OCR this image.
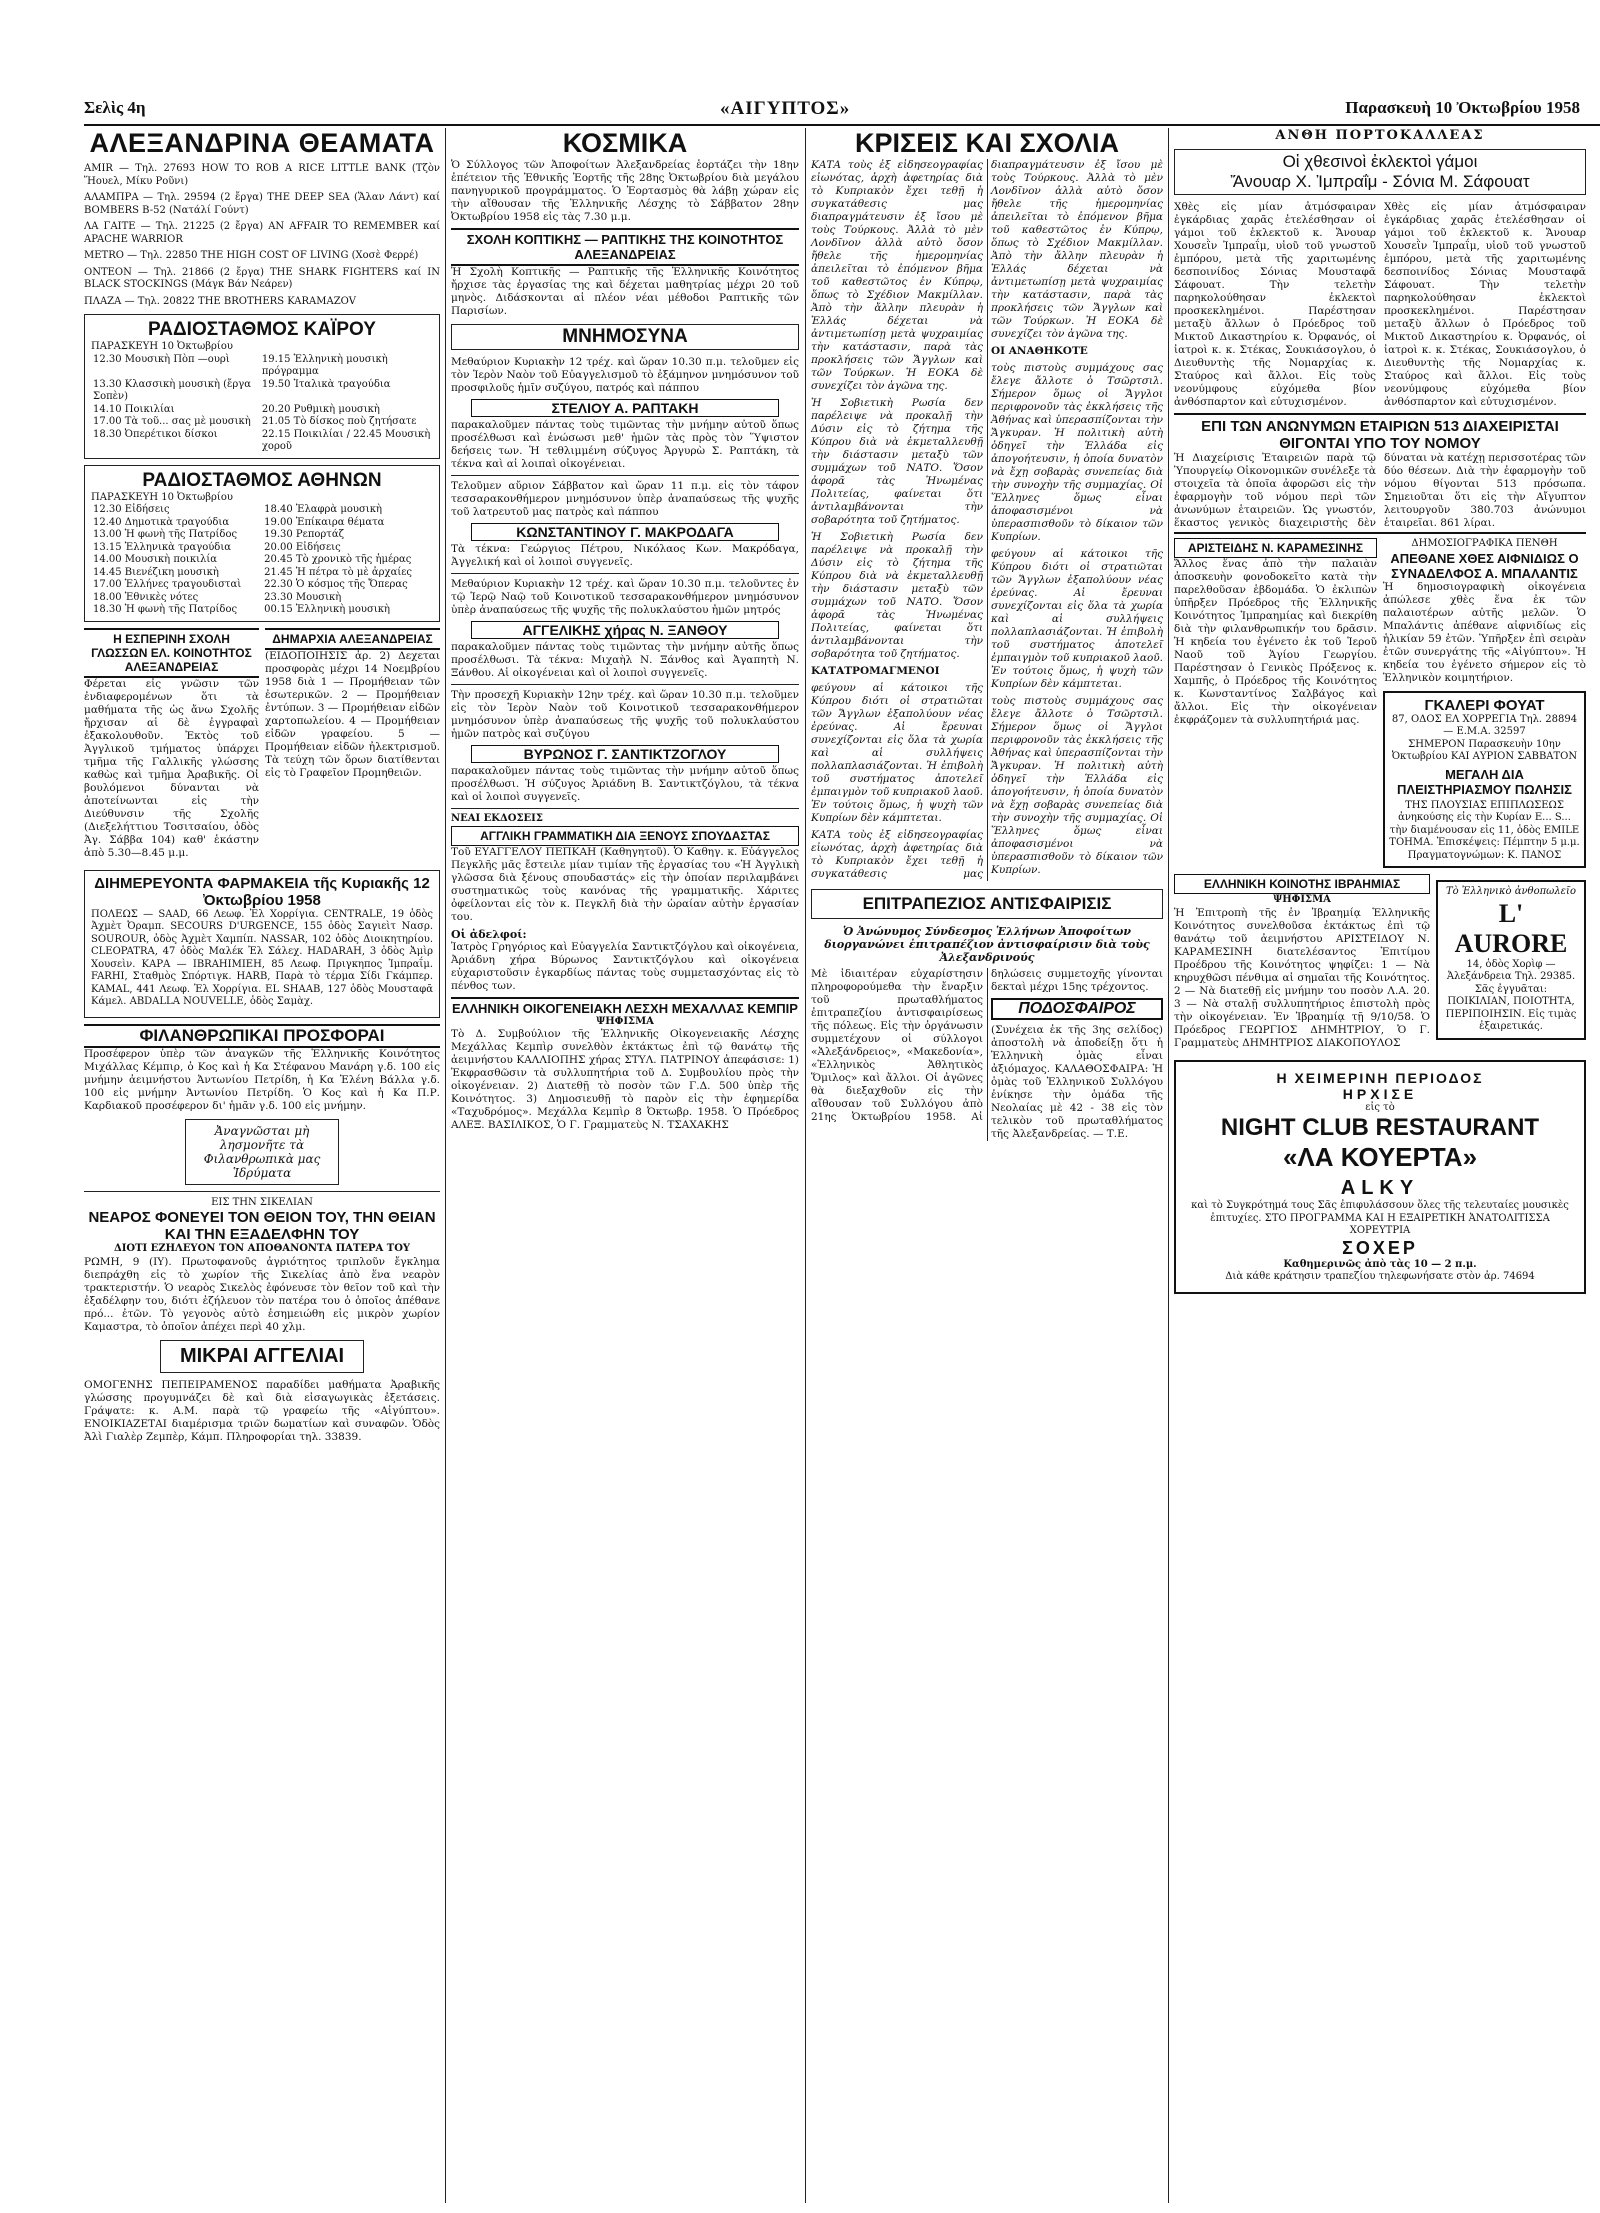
Σελὶς 4η	«ΑΙΓΥΠΤΟΣ»	Παρασκευὴ 10 Ὀκτωβρίου 1958
ΑΛΕΞΑΝΔΡΙΝΑ ΘΕΑΜΑΤΑ

AMIR — Τηλ. 27693 HOW TO ROB A RICE LITTLE BANK (Τζὸν Ἥουελ, Μίκυ Ροῦνι)

ΑΛΑΜΠΡΑ — Τηλ. 29594 (2 ἔργα) THE DEEP SEA (Ἅλαν Λάντ) καί BOMBERS B-52 (Νατάλί Γούντ)

ΛΑ ΓΑΙΤΕ — Τηλ. 21225 (2 ἔργα) AN AFFAIR TO REMEMBER καί APACHE WARRIOR

METRO — Τηλ. 22850 THE HIGH COST OF LIVING (Χοσὲ Φερρέ)

ΟΝΤΕΟΝ — Τηλ. 21866 (2 ἔργα) THE SHARK FIGHTERS καί IN BLACK STOCKINGS (Μάγκ Βάν Νεάρεν)

ΠΛΑΖΑ — Τηλ. 20822 THE BROTHERS KARAMAZOV

ΡΑΔΙΟΣΤΑΘΜΟΣ ΚΑΪΡΟΥ
ΠΑΡΑΣΚΕΥΗ 10 Ὀκτωβρίου
12.30 Μουσικὴ Πὸπ —ουρὶ	19.15 Ἑλληνικὴ μουσικὴ πρόγραμμα
13.30 Κλασσικὴ μουσικὴ (ἔργα Σοπὲν)	19.50 Ἰταλικὰ τραγούδια
14.10 Ποικιλίαι	20.20 Ρυθμικὴ μουσικὴ
17.00 Τὰ τοῦ... σας μὲ μουσικὴ	21.05 Τὸ δίσκος ποὺ ζητήσατε
18.30 Ὀπερέτικοι δίσκοι	22.15 Ποικιλίαι / 22.45 Μουσικὴ χοροῦ
ΡΑΔΙΟΣΤΑΘΜΟΣ ΑΘΗΝΩΝ
ΠΑΡΑΣΚΕΥΗ 10 Ὀκτωβρίου
12.30 Εἰδήσεις	18.40 Ἐλαφρὰ μουσικὴ
12.40 Δημοτικὰ τραγούδια	19.00 Ἐπίκαιρα θέματα
13.00 Ἡ φωνὴ τῆς Πατρίδος	19.30 Ρεπορτάζ
13.15 Ἑλληνικὰ τραγούδια	20.00 Εἰδήσεις
14.00 Μουσικὴ ποικιλία	20.45 Τὸ χρονικὸ τῆς ἡμέρας
14.45 Βιενέζικη μουσικὴ	21.45 Ἡ πέτρα τὸ μὲ ἀρχαίες
17.00 Ἑλλήνες τραγουδισταὶ	22.30 Ὁ κόσμος τῆς Ὄπερας
18.00 Ἐθνικὲς νότες	23.30 Μουσικὴ
18.30 Ἡ φωνὴ τῆς Πατρίδος	00.15 Ἑλληνικὴ μουσικὴ
Η ΕΣΠΕΡΙΝΗ ΣΧΟΛΗ ΓΛΩΣΣΩΝ ΕΛ. ΚΟΙΝΟΤΗΤΟΣ ΑΛΕΞΑΝΔΡΕΙΑΣ

Φέρεται εἰς γνῶσιν τῶν ἐνδιαφερομένων ὅτι τὰ μαθήματα τῆς ὡς ἄνω Σχολῆς ἤρχισαν αἱ δὲ ἐγγραφαὶ ἐξακολουθοῦν. Ἐκτὸς τοῦ Ἀγγλικοῦ τμήματος ὑπάρχει τμῆμα τῆς Γαλλικῆς γλώσσης καθὼς καὶ τμῆμα Ἀραβικῆς. Οἱ βουλόμενοι δύνανται νὰ ἀποτείνωνται εἰς τὴν Διεύθυνσιν τῆς Σχολῆς (Διεξελήττιου Τοσιτσαίου, ὁδὸς Ἀγ. Σάββα 104) καθ' ἑκάστην ἀπὸ 5.30—8.45 μ.μ.

ΔΗΜΑΡΧΙΑ ΑΛΕΞΑΝΔΡΕΙΑΣ

(ΕΙΔΟΠΟΙΗΣΙΣ ἀρ. 2) Δεχεται προσφορὰς μέχρι 14 Νοεμβρίου 1958 διὰ 1 — Προμήθειαν τῶν ἐσωτερικῶν. 2 — Προμήθειαν ἐντύπων. 3 — Προμήθειαν εἰδῶν χαρτοπωλείου. 4 — Προμήθειαν εἰδῶν γραφείου. 5 — Προμήθειαν εἰδῶν ἠλεκτρισμοῦ. Τὰ τεύχη τῶν ὅρων διατίθενται εἰς τὸ Γραφεῖον Προμηθειῶν.

ΔΙΗΜΕΡΕΥΟΝΤΑ ΦΑΡΜΑΚΕΙΑ τῆς Κυριακῆς 12 Ὀκτωβρίου 1958

ΠΟΛΕΩΣ — SAAD, 66 Λεωφ. Ἐλ Χορρίγια. CENTRALE, 19 ὁδὸς Ἀχμὲτ Ὀραμπ. SECOURS D'URGENCE, 155 ὁδὸς Σαγιεὶτ Νασρ. SOUROUR, ὁδὸς Ἀχμὲτ Χαμπίπ. NASSAR, 102 ὁδὸς Διοικητηρίου. CLEOPATRA, 47 ὁδὸς Μαλέκ Ἐλ Σάλεχ. HADARAH, 3 ὁδὸς Ἀμὶρ Χουσεὶν. ΚΑΡΑ — IBRAHIMIEH, 85 Λεωφ. Πριγκηπος Ἰμπραΐμ. FARHI, Σταθμὸς Σπόρτιγκ. HARB, Παρὰ τὸ τέρμα Σίδι Γκάμπερ. KAMAL, 441 Λεωφ. Ἐλ Χορρίγια. EL SHAAB, 127 ὁδὸς Μουσταφᾶ Κάμελ. ABDALLA NOUVELLE, ὁδὸς Σαμὰχ.

ΦΙΛΑΝΘΡΩΠΙΚΑΙ ΠΡΟΣΦΟΡΑΙ

Προσέφερον ὑπὲρ τῶν ἀναγκῶν τῆς Ἑλληνικῆς Κοινότητος Μιχάλλας Κέμπιρ, ὁ Κος καὶ ἡ Κα Στέφανου Μανάρη γ.δ. 100 εἰς μνήμην ἀειμνήστου Ἀντωνίου Πετρίδη, ἡ Κα Ἑλένη Βάλλα γ.δ. 100 εἰς μνήμην Ἀντωνίου Πετρίδη. Ὁ Κος καὶ ἡ Κα Π.Ρ. Καρδιακοῦ προσέφερον δι' ἡμᾶν γ.δ. 100 εἰς μνήμην.

Ἀναγνῶσται μὴ λησμονῆτε τὰ Φιλανθρωπικὰ μας Ἱδρύματα
ΕΙΣ ΤΗΝ ΣΙΚΕΛΙΑΝ
ΝΕΑΡΟΣ ΦΟΝΕΥΕΙ ΤΟΝ ΘΕΙΟΝ ΤΟΥ, ΤΗΝ ΘΕΙΑΝ ΚΑΙ ΤΗΝ ΕΞΑΔΕΛΦΗΝ ΤΟΥ
ΔΙΟΤΙ ΕΖΗΛΕΥΟΝ ΤΟΝ ΑΠΟΘΑΝΟΝΤΑ ΠΑΤΕΡΑ ΤΟΥ

ΡΩΜΗ, 9 (ΙΥ). Πρωτοφανοῦς ἀγριότητος τριπλοῦν ἔγκλημα διεπράχθη εἰς τὸ χωρίον τῆς Σικελίας ἀπὸ ἕνα νεαρὸν τρακτεριστήν. Ὁ νεαρὸς Σικελὸς ἐφόνευσε τὸν θεῖον τοῦ καὶ τὴν ἐξαδέλφην του, διότι ἐζήλευον τὸν πατέρα του ὁ ὁποῖος ἀπέθανε πρό... ἐτῶν. Τὸ γεγονὸς αὐτὸ ἐσημειώθη εἰς μικρὸν χωρίον Καμαστρα, τὸ ὁποῖον ἀπέχει περὶ 40 χλμ.

ΜΙΚΡΑΙ ΑΓΓΕΛΙΑΙ

ΟΜΟΓΕΝΗΣ ΠΕΠΕΙΡΑΜΕΝΟΣ παραδίδει μαθήματα Ἀραβικῆς γλώσσης προγυμνάζει δὲ καὶ διὰ εἰσαγωγικὰς ἐξετάσεις. Γράψατε: κ. Α.Μ. παρὰ τῷ γραφείω τῆς «Αἰγύπτου». ΕΝΟΙΚΙΑΖΕΤΑΙ διαμέρισμα τριῶν δωματίων καὶ συναφῶν. Ὁδὸς Ἀλὶ Γιαλὲρ Ζεμπὲρ, Κάμπ. Πληροφορίαι τηλ. 33839.

ΚΟΣΜΙΚΑ

Ὁ Σύλλογος τῶν Ἀποφοίτων Ἀλεξανδρείας ἑορτάζει τὴν 18ην ἐπέτειον τῆς Ἐθνικῆς Ἑορτῆς τῆς 28ης Ὀκτωβρίου διὰ μεγάλου πανηγυρικοῦ προγράμματος. Ὁ Ἑορτασμὸς θὰ λάβῃ χώραν εἰς τὴν αἴθουσαν τῆς Ἑλληνικῆς Λέσχης τὸ Σάββατον 28ην Ὀκτωβρίου 1958 εἰς τὰς 7.30 μ.μ.

ΣΧΟΛΗ ΚΟΠΤΙΚΗΣ — ΡΑΠΤΙΚΗΣ ΤΗΣ ΚΟΙΝΟΤΗΤΟΣ ΑΛΕΞΑΝΔΡΕΙΑΣ

Ἡ Σχολὴ Κοπτικῆς — Ραπτικῆς τῆς Ἑλληνικῆς Κοινότητος ἤρχισε τὰς ἐργασίας της καὶ δέχεται μαθητρίας μέχρι 20 τοῦ μηνὸς. Διδάσκονται αἱ πλέον νέαι μέθοδοι Ραπτικῆς τῶν Παρισίων.

ΜΝΗΜΟΣΥΝΑ

Μεθαύριον Κυριακὴν 12 τρέχ. καὶ ὥραν 10.30 π.μ. τελοῦμεν εἰς τὸν Ἱερὸν Ναὸν τοῦ Εὐαγγελισμοῦ τὸ ἐξάμηνον μνημόσυνον τοῦ προσφιλοῦς ἡμῖν συζύγου, πατρός καὶ πάππου

ΣΤΕΛΙΟΥ Α. ΡΑΠΤΑΚΗ

παρακαλοῦμεν πάντας τοὺς τιμῶντας τὴν μνήμην αὐτοῦ ὅπως προσέλθωσι καὶ ἑνώσωσι μεθ' ἡμῶν τὰς πρὸς τὸν Ὕψιστον δεήσεις των. Ἡ τεθλιμμένη σύζυγος Ἀργυρὼ Σ. Ραπτάκη, τὰ τέκνα καὶ αἱ λοιπαὶ οἰκογένειαι.

Τελοῦμεν αὔριον Σάββατον καὶ ὥραν 11 π.μ. εἰς τὸν τάφον τεσσαρακονθήμερον μνημόσυνον ὑπὲρ ἀναπαύσεως τῆς ψυχῆς τοῦ λατρευτοῦ μας πατρὸς καὶ πάππου

ΚΩΝΣΤΑΝΤΙΝΟΥ Γ. ΜΑΚΡΟΔΑΓΑ

Τὰ τέκνα: Γεώργιος Πέτρου, Νικόλαος Κων. Μακρόδαγα, Ἀγγελική καὶ οἱ λοιποὶ συγγενεῖς.

Μεθαύριον Κυριακὴν 12 τρέχ. καὶ ὥραν 10.30 π.μ. τελοῦντες ἐν τῷ Ἱερῷ Ναῷ τοῦ Κοινοτικοῦ τεσσαρακονθήμερον μνημόσυνον ὑπὲρ ἀναπαύσεως τῆς ψυχῆς τῆς πολυκλαύστου ἡμῶν μητρός

ΑΓΓΕΛΙΚΗΣ χήρας Ν. ΞΑΝΘΟΥ

παρακαλοῦμεν πάντας τοὺς τιμῶντας τὴν μνήμην αὐτῆς ὅπως προσέλθωσι. Τὰ τέκνα: Μιχαὴλ Ν. Ξάνθος καὶ Ἀγαπητὴ Ν. Ξάνθου. Αἱ οἰκογένειαι καὶ οἱ λοιποὶ συγγενεῖς.

Τὴν προσεχῆ Κυριακὴν 12ην τρέχ. καὶ ὥραν 10.30 π.μ. τελοῦμεν εἰς τὸν Ἱερὸν Ναὸν τοῦ Κοινοτικοῦ τεσσαρακονθήμερον μνημόσυνον ὑπὲρ ἀναπαύσεως τῆς ψυχῆς τοῦ πολυκλαύστου ἡμῶν πατρὸς καὶ συζύγου

ΒΥΡΩΝΟΣ Γ. ΣΑΝΤΙΚΤΖΟΓΛΟΥ

παρακαλοῦμεν πάντας τοὺς τιμῶντας τὴν μνήμην αὐτοῦ ὅπως προσέλθωσι. Ἡ σύζυγος Ἀριάδνη Β. Σαντικτζόγλου, τὰ τέκνα καὶ οἱ λοιποὶ συγγενεῖς.

ΝΕΑΙ ΕΚΔΟΣΕΙΣ
ΑΓΓΛΙΚΗ ΓΡΑΜΜΑΤΙΚΗ ΔΙΑ ΞΕΝΟΥΣ ΣΠΟΥΔΑΣΤΑΣ

Τοῦ ΕΥΑΓΓΕΛΟΥ ΠΕΠΚΑΗ (Καθηγητοῦ). Ὁ Καθηγ. κ. Εὐάγγελος Πεγκλῆς μᾶς ἔστειλε μίαν τιμίαν τῆς ἐργασίας του «Ἡ Ἀγγλικὴ γλῶσσα διὰ ξένους σπουδαστάς» εἰς τὴν ὁποίαν περιλαμβάνει συστηματικῶς τοὺς κανόνας τῆς γραμματικῆς. Χάριτες ὀφείλονται εἰς τὸν κ. Πεγκλῆ διὰ τὴν ὡραίαν αὐτὴν ἐργασίαν του.

Οἱ ἀδελφοί:

Ἰατρὸς Γρηγόριος καὶ Εὐαγγελία Σαντικτζόγλου καὶ οἰκογένεια, Ἀριάδνη χήρα Βύρωνος Σαντικτζόγλου καὶ οἰκογένεια εὐχαριστοῦσιν ἐγκαρδίως πάντας τοὺς συμμετασχόντας εἰς τὸ πένθος των.

ΕΛΛΗΝΙΚΗ ΟΙΚΟΓΕΝΕΙΑΚΗ ΛΕΣΧΗ ΜΕΧΑΛΛΑΣ ΚΕΜΠΙΡ
ΨΗΦΙΣΜΑ

Τὸ Δ. Συμβούλιον τῆς Ἑλληνικῆς Οἰκογενειακῆς Λέσχης Μεχάλλας Κεμπὶρ συνελθὸν ἐκτάκτως ἐπὶ τῷ θανάτῳ τῆς ἀειμνήστου ΚΑΛΛΙΟΠΗΣ χήρας ΣΤΥΛ. ΠΑΤΡΙΝΟΥ ἀπεφάσισε: 1) Ἐκφρασθῶσιν τὰ συλλυπητήρια τοῦ Δ. Συμβουλίου πρὸς τὴν οἰκογένειαν. 2) Διατεθῇ τὸ ποσὸν τῶν Γ.Δ. 500 ὑπὲρ τῆς Κοινότητος. 3) Δημοσιευθῇ τὸ παρὸν εἰς τὴν ἐφημερίδα «Ταχυδρόμος». Μεχάλλα Κεμπὶρ 8 Ὀκτωβρ. 1958. Ὁ Πρόεδρος ΑΛΕΞ. ΒΑΣΙΛΙΚΟΣ, Ὁ Γ. Γραμματεὺς Ν. ΤΣΑΧΑΚΗΣ

ΚΡΙΣΕΙΣ ΚΑΙ ΣΧΟΛΙΑ

ΚΑΤΑ τοὺς ἐξ εἰδησεογραφίας εἰωνότας, ἀρχὴ ἀφετηρίας διὰ τὸ Κυπριακὸν ἔχει τεθῇ ἡ συγκατάθεσις μας διαπραγμάτευσιν ἐξ ἴσου μὲ τοὺς Τούρκους. Ἀλλὰ τὸ μὲν Λονδῖνον ἀλλὰ αὐτὸ ὅσον ἤθελε τῆς ἡμερομηνίας ἀπειλεῖται τὸ ἐπόμενον βῆμα τοῦ καθεστῶτος ἐν Κύπρῳ, ὅπως τὸ Σχέδιον Μακμίλλαν. Ἀπὸ τὴν ἄλλην πλευρὰν ἡ Ἑλλάς δέχεται νὰ ἀντιμετωπίσῃ μετὰ ψυχραιμίας τὴν κατάστασιν, παρὰ τὰς προκλήσεις τῶν Ἄγγλων καὶ τῶν Τούρκων. Ἡ ΕΟΚΑ δὲ συνεχίζει τὸν ἀγῶνα της.

Ἡ Σοβιετικὴ Ρωσία δεν παρέλειψε νὰ προκαλῇ τὴν Δύσιν εἰς τὸ ζήτημα τῆς Κύπρου διὰ νὰ ἐκμεταλλευθῇ τὴν διάστασιν μεταξὺ τῶν συμμάχων τοῦ ΝΑΤΟ. Ὅσον ἀφορᾶ τὰς Ἡνωμένας Πολιτείας, φαίνεται ὅτι ἀντιλαμβάνονται τὴν σοβαρότητα τοῦ ζητήματος.

Ἡ Σοβιετικὴ Ρωσία δεν παρέλειψε νὰ προκαλῇ τὴν Δύσιν εἰς τὸ ζήτημα τῆς Κύπρου διὰ νὰ ἐκμεταλλευθῇ τὴν διάστασιν μεταξὺ τῶν συμμάχων τοῦ ΝΑΤΟ. Ὅσον ἀφορᾶ τὰς Ἡνωμένας Πολιτείας, φαίνεται ὅτι ἀντιλαμβάνονται τὴν σοβαρότητα τοῦ ζητήματος.

ΚΑΤΑΤΡΟΜΑΓΜΕΝΟΙ

φεύγουν αἱ κάτοικοι τῆς Κύπρου διότι οἱ στρατιῶται τῶν Ἄγγλων ἐξαπολύουν νέας ἐρεύνας. Αἱ ἔρευναι συνεχίζονται εἰς ὅλα τὰ χωρία καὶ αἱ συλλήψεις πολλαπλασιάζονται. Ἡ ἐπιβολὴ τοῦ συστήματος ἀποτελεῖ ἐμπαιγμὸν τοῦ κυπριακοῦ λαοῦ. Ἐν τούτοις ὅμως, ἡ ψυχὴ τῶν Κυπρίων δὲν κάμπτεται.

ΚΑΤΑ τοὺς ἐξ εἰδησεογραφίας εἰωνότας, ἀρχὴ ἀφετηρίας διὰ τὸ Κυπριακὸν ἔχει τεθῇ ἡ συγκατάθεσις μας διαπραγμάτευσιν ἐξ ἴσου μὲ τοὺς Τούρκους. Ἀλλὰ τὸ μὲν Λονδῖνον ἀλλὰ αὐτὸ ὅσον ἤθελε τῆς ἡμερομηνίας ἀπειλεῖται τὸ ἐπόμενον βῆμα τοῦ καθεστῶτος ἐν Κύπρῳ, ὅπως τὸ Σχέδιον Μακμίλλαν. Ἀπὸ τὴν ἄλλην πλευρὰν ἡ Ἑλλάς δέχεται νὰ ἀντιμετωπίσῃ μετὰ ψυχραιμίας τὴν κατάστασιν, παρὰ τὰς προκλήσεις τῶν Ἄγγλων καὶ τῶν Τούρκων. Ἡ ΕΟΚΑ δὲ συνεχίζει τὸν ἀγῶνα της.

ΟΙ ΑΝΑΘΗΚΟΤΕ

τοὺς πιστοὺς συμμάχους σας ἔλεγε ἄλλοτε ὁ Τσῶρτσιλ. Σήμερον ὅμως οἱ Ἄγγλοι περιφρονοῦν τὰς ἐκκλήσεις τῆς Ἀθήνας καὶ ὑπερασπίζονται τὴν Ἄγκυραν. Ἡ πολιτικὴ αὐτὴ ὁδηγεῖ τὴν Ἑλλάδα εἰς ἀπογοήτευσιν, ἡ ὁποία δυνατὸν νὰ ἔχῃ σοβαρὰς συνεπείας διὰ τὴν συνοχὴν τῆς συμμαχίας. Οἱ Ἕλληνες ὅμως εἶναι ἀποφασισμένοι νὰ ὑπερασπισθοῦν τὸ δίκαιον τῶν Κυπρίων.

φεύγουν αἱ κάτοικοι τῆς Κύπρου διότι οἱ στρατιῶται τῶν Ἄγγλων ἐξαπολύουν νέας ἐρεύνας. Αἱ ἔρευναι συνεχίζονται εἰς ὅλα τὰ χωρία καὶ αἱ συλλήψεις πολλαπλασιάζονται. Ἡ ἐπιβολὴ τοῦ συστήματος ἀποτελεῖ ἐμπαιγμὸν τοῦ κυπριακοῦ λαοῦ. Ἐν τούτοις ὅμως, ἡ ψυχὴ τῶν Κυπρίων δὲν κάμπτεται.

τοὺς πιστοὺς συμμάχους σας ἔλεγε ἄλλοτε ὁ Τσῶρτσιλ. Σήμερον ὅμως οἱ Ἄγγλοι περιφρονοῦν τὰς ἐκκλήσεις τῆς Ἀθήνας καὶ ὑπερασπίζονται τὴν Ἄγκυραν. Ἡ πολιτικὴ αὐτὴ ὁδηγεῖ τὴν Ἑλλάδα εἰς ἀπογοήτευσιν, ἡ ὁποία δυνατὸν νὰ ἔχῃ σοβαρὰς συνεπείας διὰ τὴν συνοχὴν τῆς συμμαχίας. Οἱ Ἕλληνες ὅμως εἶναι ἀποφασισμένοι νὰ ὑπερασπισθοῦν τὸ δίκαιον τῶν Κυπρίων.

ΕΠΙΤΡΑΠΕΖΙΟΣ ΑΝΤΙΣΦΑΙΡΙΣΙΣ
Ὁ Ἀνώνυμος Σύνδεσμος Ἑλλήνων Ἀποφοίτων διοργανώνει ἐπιτραπέζιον ἀντισφαίρισιν διὰ τοὺς Ἀλεξανδρινούς

Μὲ ἰδιαιτέραν εὐχαρίστησιν πληροφορούμεθα τὴν ἔναρξιν τοῦ πρωταθλήματος ἐπιτραπεζίου ἀντισφαιρίσεως τῆς πόλεως. Εἰς τὴν ὁργάνωσιν συμμετέχουν οἱ σύλλογοι «Ἀλεξάνδρειος», «Μακεδονία», «Ἑλληνικὸς Ἀθλητικὸς Ὅμιλος» καὶ ἄλλοι. Οἱ ἀγῶνες θὰ διεξαχθοῦν εἰς τὴν αἴθουσαν τοῦ Συλλόγου ἀπὸ 21ης Ὀκτωβρίου 1958. Αἱ δηλώσεις συμμετοχῆς γίνονται δεκταὶ μέχρι 15ης τρέχοντος.

ΠΟΔΟΣΦΑΙΡΟΣ

(Συνέχεια ἐκ τῆς 3ης σελίδος) ἀποστολὴ νὰ ἀποδείξῃ ὅτι ἡ Ἑλληνικὴ ὁμὰς εἶναι ἀξιόμαχος. ΚΑΛΑΘΟΣΦΑΙΡΑ: Ἡ ὁμὰς τοῦ Ἑλληνικοῦ Συλλόγου ἐνίκησε τὴν ὁμάδα τῆς Νεολαίας μὲ 42 - 38 εἰς τὸν τελικὸν τοῦ πρωταθλήματος τῆς Ἀλεξανδρείας. — Τ.Ε.

ΑΝΘΗ ΠΟΡΤΟΚΑΛΛΕΑΣ
Οἱ χθεσινοὶ ἐκλεκτοὶ γάμοι
Ἄνουαρ Χ. Ἰμπραΐμ - Σόνια Μ. Σάφουατ

Χθὲς εἰς μίαν ἀτμόσφαιραν ἐγκάρδιας χαρᾶς ἐτελέσθησαν οἱ γάμοι τοῦ ἐκλεκτοῦ κ. Ἄνουαρ Χουσεῒν Ἰμπραΐμ, υἱοῦ τοῦ γνωστοῦ ἐμπόρου, μετὰ τῆς χαριτωμένης δεσποινίδος Σόνιας Μουσταφᾶ Σάφουατ. Τὴν τελετὴν παρηκολούθησαν ἐκλεκτοὶ προσκεκλημένοι. Παρέστησαν μεταξὺ ἄλλων ὁ Πρόεδρος τοῦ Μικτοῦ Δικαστηρίου κ. Ὀρφανός, οἱ ἰατροὶ κ. κ. Στέκας, Σουκιάσογλου, ὁ Διευθυντὴς τῆς Νομαρχίας κ. Σταύρος καὶ ἄλλοι. Εἰς τοὺς νεονύμφους εὐχόμεθα βίον ἀνθόσπαρτον καὶ εὐτυχισμένον.

Χθὲς εἰς μίαν ἀτμόσφαιραν ἐγκάρδιας χαρᾶς ἐτελέσθησαν οἱ γάμοι τοῦ ἐκλεκτοῦ κ. Ἄνουαρ Χουσεῒν Ἰμπραΐμ, υἱοῦ τοῦ γνωστοῦ ἐμπόρου, μετὰ τῆς χαριτωμένης δεσποινίδος Σόνιας Μουσταφᾶ Σάφουατ. Τὴν τελετὴν παρηκολούθησαν ἐκλεκτοὶ προσκεκλημένοι. Παρέστησαν μεταξὺ ἄλλων ὁ Πρόεδρος τοῦ Μικτοῦ Δικαστηρίου κ. Ὀρφανός, οἱ ἰατροὶ κ. κ. Στέκας, Σουκιάσογλου, ὁ Διευθυντὴς τῆς Νομαρχίας κ. Σταύρος καὶ ἄλλοι. Εἰς τοὺς νεονύμφους εὐχόμεθα βίον ἀνθόσπαρτον καὶ εὐτυχισμένον.

ΕΠΙ ΤΩΝ ΑΝΩΝΥΜΩΝ ΕΤΑΙΡΙΩΝ 513 ΔΙΑΧΕΙΡΙΣΤΑΙ ΘΙΓΟΝΤΑΙ ΥΠΟ ΤΟΥ ΝΟΜΟΥ

Ἡ Διαχείρισις Ἐταιρειῶν παρὰ τῷ Ὑπουργείῳ Οἰκονομικῶν συνέλεξε τὰ στοιχεῖα τὰ ὁποῖα ἀφορῶσι εἰς τὴν ἐφαρμογὴν τοῦ νόμου περὶ τῶν ἀνωνύμων ἑταιρειῶν. Ὡς γνωστόν, ἕκαστος γενικὸς διαχειριστὴς δὲν δύναται νὰ κατέχῃ περισσοτέρας τῶν δύο θέσεων. Διὰ τὴν ἐφαρμογὴν τοῦ νόμου θίγονται 513 πρόσωπα. Σημειοῦται ὅτι εἰς τὴν Αἴγυπτον λειτουργοῦν 380.703 ἀνώνυμοι ἑταιρεῖαι. 861 λίραι.

ΑΡΙΣΤΕΙΔΗΣ Ν. ΚΑΡΑΜΕΣΙΝΗΣ

Ἄλλος ἕνας ἀπὸ τὴν παλαιὰν ἀποσκευὴν φονοδοκεῖτο κατὰ τὴν παρελθοῦσαν ἑβδομάδα. Ὁ ἐκλιπὼν ὑπῆρξεν Πρόεδρος τῆς Ἑλληνικῆς Κοινότητος Ἰμπραημίας καὶ διεκρίθη διὰ τὴν φιλανθρωπικήν του δρᾶσιν. Ἡ κηδεία του ἐγένετο ἐκ τοῦ Ἱεροῦ Ναοῦ τοῦ Ἁγίου Γεωργίου. Παρέστησαν ὁ Γενικὸς Πρόξενος κ. Χαμπῆς, ὁ Πρόεδρος τῆς Κοινότητος κ. Κωνσταντίνος Σαλβάγος καὶ ἄλλοι. Εἰς τὴν οἰκογένειαν ἐκφράζομεν τὰ συλλυπητήριά μας.

ΔΗΜΟΣΙΟΓΡΑΦΙΚΑ ΠΕΝΘΗ
ΑΠΕΘΑΝΕ ΧΘΕΣ ΑΙΦΝΙΔΙΩΣ Ο ΣΥΝΑΔΕΛΦΟΣ Α. ΜΠΑΛΑΝΤΙΣ

Ἡ δημοσιογραφικὴ οἰκογένεια ἀπώλεσε χθὲς ἕνα ἐκ τῶν παλαιοτέρων αὐτῆς μελῶν. Ὁ Μπαλάντις ἀπέθανε αἰφνιδίως εἰς ἡλικίαν 59 ἐτῶν. Ὑπῆρξεν ἐπὶ σειρὰν ἐτῶν συνεργάτης τῆς «Αἰγύπτου». Ἡ κηδεία του ἐγένετο σήμερον εἰς τὸ Ἑλληνικὸν κοιμητήριον.

ΓΚΑΛΕΡΙ ΦΟΥΑΤ
87, ΟΔΟΣ ΕΛ ΧΟΡΡΕΓΙΑ Τηλ. 28894 — Ε.Μ.Α. 32597
ΣΗΜΕΡΟΝ Παρασκευὴν 10ην Ὀκτωβρίου ΚΑΙ ΑΥΡΙΟΝ ΣΑΒΒΑΤΟΝ
ΜΕΓΑΛΗ ΔΙΑ ΠΛΕΙΣΤΗΡΙΑΣΜΟΥ ΠΩΛΗΣΙΣ
ΤΗΣ ΠΛΟΥΣΙΑΣ ΕΠΙΠΛΩΣΕΩΣ ἀνηκούσης εἰς τὴν Κυρίαν Ε... S... τὴν διαμένουσαν εἰς 11, ὁδὸς EMILE TOHMA. Ἐπισκέψεις: Πέμπτην 5 μ.μ. Πραγματογνώμων: Κ. ΠΑΝΟΣ
ΕΛΛΗΝΙΚΗ ΚΟΙΝΟΤΗΣ ΙΒΡΑΗΜΙΑΣ
ΨΗΦΙΣΜΑ

Ἡ Ἐπιτροπὴ τῆς ἐν Ἰβραημίᾳ Ἑλληνικῆς Κοινότητος συνελθοῦσα ἐκτάκτως ἐπὶ τῷ θανάτῳ τοῦ ἀειμνήστου ΑΡΙΣΤΕΙΔΟΥ Ν. ΚΑΡΑΜΕΣΙΝΗ διατελέσαντος Ἐπιτίμου Προέδρου τῆς Κοινότητος ψηφίζει: 1 — Νὰ κηρυχθῶσι πένθιμα αἱ σημαῖαι τῆς Κοινότητος. 2 — Νὰ διατεθῇ εἰς μνήμην του ποσὸν Λ.Α. 20. 3 — Νὰ σταλῇ συλλυπητήριος ἐπιστολὴ πρὸς τὴν οἰκογένειαν. Ἐν Ἰβραημίᾳ τῇ 9/10/58. Ὁ Πρόεδρος ΓΕΩΡΓΙΟΣ ΔΗΜΗΤΡΙΟΥ, Ὁ Γ. Γραμματεὺς ΔΗΜΗΤΡΙΟΣ ΔΙΑΚΟΠΟΥΛΟΣ

Τὸ Ἑλληνικὸ ἀνθοπωλεῖο
L' AURORE
14, ὁδὸς Χορὶφ — Ἀλεξάνδρεια Τηλ. 29385. Σᾶς ἐγγυᾶται: ΠΟΙΚΙΛΙΑΝ, ΠΟΙΟΤΗΤΑ, ΠΕΡΙΠΟΙΗΣΙΝ. Εἰς τιμὰς ἐξαιρετικάς.
Η ΧΕΙΜΕΡΙΝΗ ΠΕΡΙΟΔΟΣ
ΗΡΧΙΣΕ
εἰς τὸ
NIGHT CLUB RESTAURANT
«ΛΑ ΚΟΥΕΡΤΑ»
ALKY
καὶ τὸ Συγκρότημά τους Σᾶς ἐπιφυλάσσουν ὅλες τῆς τελευταίες μουσικὲς ἐπιτυχίες. ΣΤΟ ΠΡΟΓΡΑΜΜΑ ΚΑΙ Η ΕΞΑΙΡΕΤΙΚΗ ἈΝΑΤΟΛΙΤΙΣΣΑ ΧΟΡΕΥΤΡΙΑ
ΣΟΧΕΡ
Καθημερινῶς ἀπὸ τὰς 10 — 2 π.μ.
Διὰ κάθε κράτησιν τραπεζίου τηλεφωνήσατε στὸν ἀρ. 74694
